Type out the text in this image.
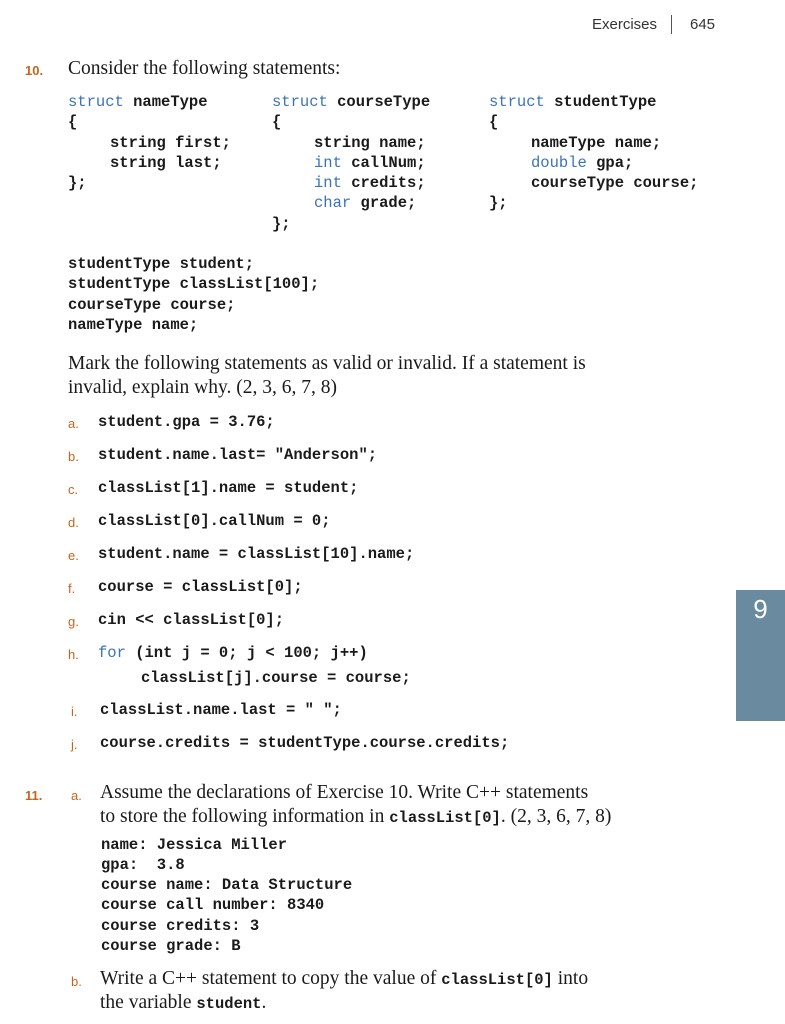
Exercises 645
9
10. Consider the following statements:
struct nameType
{
string first;
string last;
};
struct courseType
{
string name;
int callNum;
int credits;
char grade;
};
struct studentType
{
nameType name;
double gpa;
courseType course;
};
studentType student;
studentType classList[100];
courseType course;
nameType name;
Mark the following statements as valid or invalid. If a statement is
invalid, explain why. (2, 3, 6, 7, 8)
a. student.gpa = 3.76;
b. student.name.last= "Anderson";
c. classList[1].name = student;
d. classList[0].callNum = 0;
e. student.name = classList[10].name;
f. course = classList[0];
g. cin << classList[0];
h. for (int j = 0; j < 100; j++)
classList[j].course = course;
i. classList.name.last = " ";
j. course.credits = studentType.course.credits;
11. a. Assume the declarations of Exercise 10. Write C++ statements
to store the following information in classList[0]. (2, 3, 6, 7, 8)
name: Jessica Miller
gpa:  3.8
course name: Data Structure
course call number: 8340
course credits: 3
course grade: B
b. Write a C++ statement to copy the value of classList[0] into
the variable student.
